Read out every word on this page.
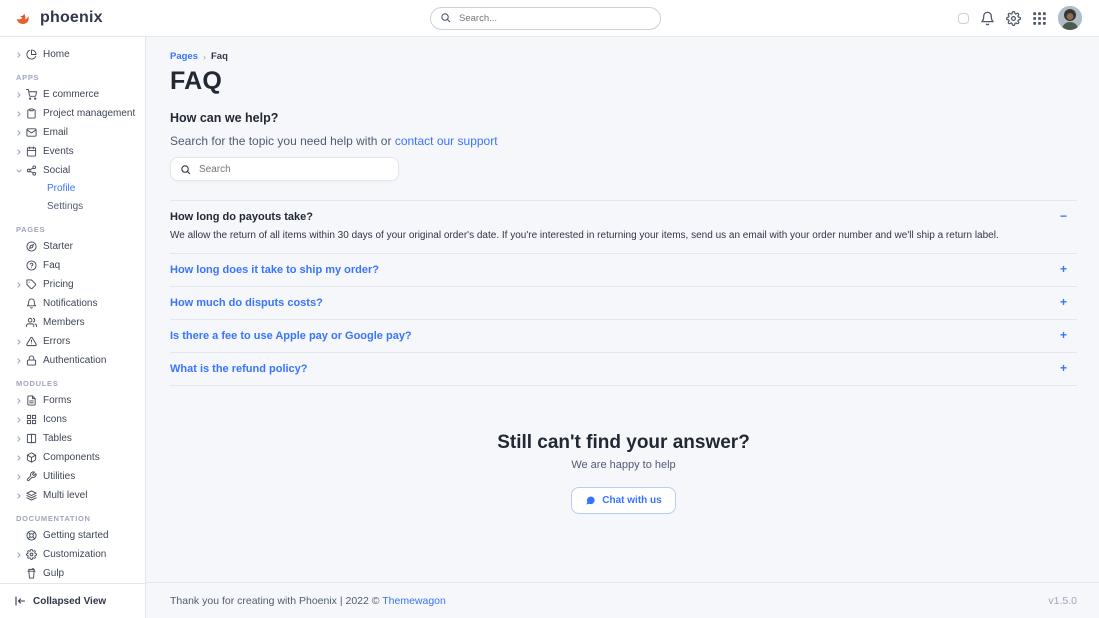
phoenix
Search...
Home
APPS
E commerce
Project management
Email
Events
Social
Profile
Settings
PAGES
Starter
Faq
Pricing
Notifications
Members
Errors
Authentication
MODULES
Forms
Icons
Tables
Components
Utilities
Multi level
DOCUMENTATION
Getting started
Customization
Gulp
Collapsed View
Pages › Faq
FAQ
How can we help?
Search for the topic you need help with or contact our support
Search
How long do payouts take?	−
We allow the return of all items within 30 days of your original order's date. If you're interested in returning your items, send us an email with your order number and we'll ship a return label.
How long does it take to ship my order?	+
How much do disputs costs?	+
Is there a fee to use Apple pay or Google pay?	+
What is the refund policy?	+
Still can't find your answer?
We are happy to help
Chat with us
Thank you for creating with Phoenix | 2022 © Themewagon	v1.5.0
